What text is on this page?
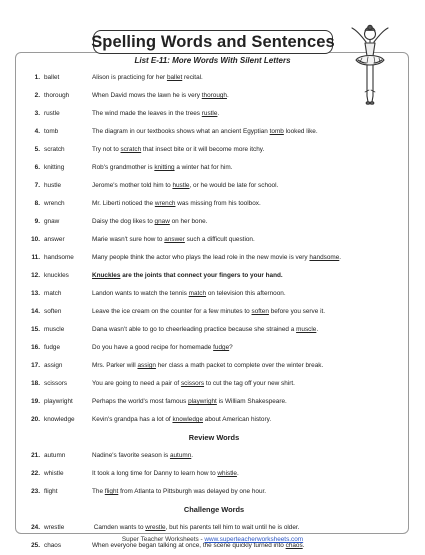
Spelling Words and Sentences
List E-11: More Words With Silent Letters
1. ballet	Alison is practicing for her ballet recital.
2. thorough	When David mows the lawn he is very thorough.
3. rustle	The wind made the leaves in the trees rustle.
4. tomb	The diagram in our textbooks shows what an ancient Egyptian tomb looked like.
5. scratch	Try not to scratch that insect bite or it will become more itchy.
6. knitting	Rob's grandmother is knitting a winter hat for him.
7. hustle	Jerome's mother told him to hustle, or he would be late for school.
8. wrench	Mr. Liberti noticed the wrench was missing from his toolbox.
9. gnaw	Daisy the dog likes to gnaw on her bone.
10. answer	Marie wasn't sure how to answer such a difficult question.
11. handsome	Many people think the actor who plays the lead role in the new movie is very handsome.
12. knuckles	Knuckles are the joints that connect your fingers to your hand.
13. match	Landon wants to watch the tennis match on television this afternoon.
14. soften	Leave the ice cream on the counter for a few minutes to soften before you serve it.
15. muscle	Dana wasn't able to go to cheerleading practice because she strained a muscle.
16. fudge	Do you have a good recipe for homemade fudge?
17. assign	Mrs. Parker will assign her class a math packet to complete over the winter break.
18. scissors	You are going to need a pair of scissors to cut the tag off your new shirt.
19. playwright	Perhaps the world's most famous playwright is William Shakespeare.
20. knowledge	Kevin's grandpa has a lot of knowledge about American history.
Review Words
21. autumn	Nadine's favorite season is autumn.
22. whistle	It took a long time for Danny to learn how to whistle.
23. flight	The flight from Atlanta to Pittsburgh was delayed by one hour.
Challenge Words
24. wrestle	Camden wants to wrestle, but his parents tell him to wait until he is older.
25. chaos	When everyone began talking at once, the scene quickly turned into chaos.
Super Teacher Worksheets - www.superteacherworksheets.com
